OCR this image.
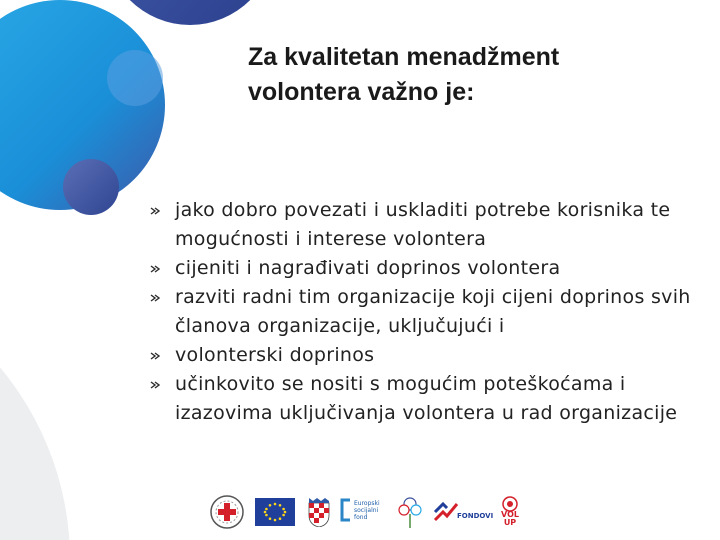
Za kvalitetan menadžment
volontera važno je:
jako dobro povezati i uskladiti potrebe korisnika te mogućnosti i interese volontera
cijeniti i nagrađivati doprinos volontera
razviti radni tim organizacije koji cijeni doprinos svih članova organizacije, uključujući i
volonterski doprinos
učinkovito se nositi s mogućim poteškoćama i izazovima uključivanja volontera u rad organizacije
Europski socijalni
fond	FONDOVI VOL UP
